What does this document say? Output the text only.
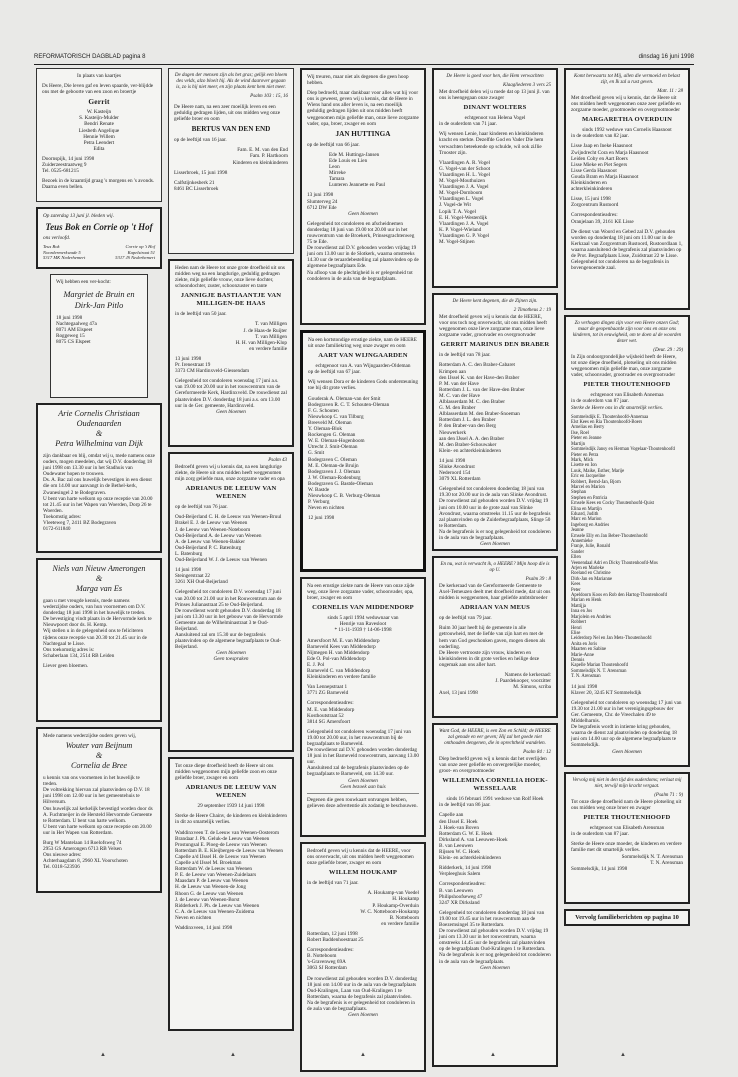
REFORMATORISCH DAGBLAD pagina 8	dinsdag 16 juni 1998
In plaats van kaartjes
Ds Heere, Die leven gaf en leven spaarde, ver-blijdde ons met de geboorte van een zoon en broertje
Gerrit
W. Kasteijn
S. Kasteijn-Mulder
Bendri Renate
Liesbeth Angelique
Hennie Willem
Petra Leendert
Edita
Doornspijk, 14 juni 1998
Zuiderzeestraatweg 9
Tel. 0525-681215
Bezoek in de kraamtijd graag 's morgens en 's avonds. Daarna even bellen.
Op zaterdag 13 juni jl. bleden wij.
Teus Bok en Corrie op 't Hof
ons verloofd.
Teus Bok
Noordermerkwade 5
5317 MK Nederhemert
Corrie op 't Hof
Kapelstraat 51
5317 JS Nederhemert
Wij hebben een ver-kocht:
Margriet de Bruin en Dirk-Jan Pitlo
18 juni 1998
Nachtegaalweg 47a
8071 AM Elspeet
Roggeweg 15
8075 CS Elspeet
Arie Cornelis Christiaan Oudenaarden
&
Petra Wilhelmina van Dijk
zijn dankbaar en blij, omdat wij u, mede namens onze ouders, mogen meedelen, dat wij D.V. donderdag 18 juni 1998 om 13.30 uur in het Stadhuis van Oudewater hopen te trouwen.
Ds. A. Bac zal ons huwelijk bevestigen in een dienst die om 14.00 uur aanvangt in de Bethel-kerk, Zwanesingel 2 te Bodegraven.
U bent van harte welkom op onze receptie van 20.00 tot 21.45 uur in het Wapen van Woerden, Dorp 26 te Woerden.
Toekomstig adres:
Vleeteweg 7, 2411 BZ Bodegraven
0172-611840
Niels van Nieuw Amerongen
&
Marga van Es
gaan u met vreugde kennis, mede namens wederzijdse ouders, van hun voornemen om D.V. donderdag 18 juni 1998 in het huwelijk te treden.
De bevestiging vindt plaats in de Hervormde kerk te Nieuwpoort door ds. H. Kemp.
Wij stellen u in de gelegenheid ons te feliciteren tijdens onze receptie van 20.30 tot 21.45 uur in de Nachtegaal te Lisse.
Ons toekomstig adres is:
Schaberlaan 134, 2514 RB Leiden
Liever geen bloemen.
Mede namens wederzijdse ouders geven wij,
Wouter van Beijnum
&
Cornelia de Bree
u kennis van ons voornemen in het huwelijk te treden.
De voltrekking hiervan zal plaatsvinden op D.V. 18 juni 1998 om 12.00 uur in het gemeentehuis te Hilversum.
Ons huwelijk zal kerkelijk bevestigd worden door ds A. Fuchtmeijer in de Hersteld Hervormde Gemeente te Rotterdam. U bent van harte welkom.
U bent van harte welkom op onze receptie om 20.00 uur in Het Wapen van Rotterdam.
Burg W Mantelaan 14 Roelofsweg 74
2953 GS Amerongen 6713 RB Velsen
Ons nieuwe adres:
Achterhaagdam 8, 2960 XL Voorschoten
Tel. 0318-523936
De dagen der mensen zijn als het gras; gelijk een bloem des velds, alzo bloeit hij. Als de wind daarover gegaan is, zo is hij niet meer, en zijn plaats kent hem niet meer.
Psalm 103 : 15, 16
De Heere nam, na een zeer moeilijk leven en een geduldig gedragen lijden, uit ons midden weg onze geliefde broer en oom
BERTUS VAN DEN END
op de leeftijd van 16 jaar.
Fam. E. M. van den End
Fam. P. Hartkoorn
Kinderen en kleinkinderen
Lisserbroek, 15 juni 1998
Calfstijnkesberk 21
8461 BC Lisserbroek
Heden nam de Heere tot onze grote droefheid uit ons midden weg na een langdurige, geduldig gedragen ziekte, mijn geliefde vrouw, onze lieve dochter, schoondochter, zuster, schoonzuster en tante
JANNIGJE BASTIAANTJE VAN MILLIGEN-DE HAAS
in de leeftijd van 50 jaar.
T. van Milligen
J. de Haas-de Ruijter
T. van Milligen
H. H. van Milligen-Klop
en verdere familie
13 juni 1998
Pr. Irenestraat 19
3373 CM Hardinxveld-Giessendam
Gelegenheid tot condoleren woensdag 17 juni a.s. van 19.00 tot 20.00 uur in het rouwcentrum van de Gereformeerde Kerk, Hardinxveld. De rouwdienst zal plaatsvinden D.V. donderdag 18 juni a.s. om 13.00 uur in de Ger. gemeente, Hardinxveld.
Geen bloemen
Psalm 43
Bedroefd geven wij u kennis dat, na een langdurige ziekte, de Heere uit ons midden heeft weggenomen mijn zorg geliefde man, onze zorgzame vader en opa
ADRIANUS DE LEEUW VAN WEENEN
op de leeftijd van 76 jaar.
Oud-Beijerland C. H. de Leeuw van Weenen-Bruul
Brakel E. J. de Leeuw van Weenen
J. de Leeuw van Weenen-Noteboom
Oud-Beijerland A. de Leeuw van Weenen
A. de Leeuw van Weenen-Bakker
Oud-Beijerland P. C. Batenburg
L. Batenburg
Oud-Beijerland W. J. de Leeuw van Weenen
14 juni 1998
Steingerstraat 22
3261 XH Oud-Beijerland
Gelegenheid tot condoleren D.V. woensdag 17 juni van 20.00 tot 21.00 uur in het Rouwcentrum aan de Prinses Julianastraat 25 te Oud-Beijerland.
De rouwdienst wordt gehouden D.V. donderdag 18 juni om 13.30 uur in het gebouw van de Hervormde Gemeente aan de Wilhelminastraat 3 te Oud-Beijerland.
Aansluitend zal om 15.30 uur de begrafenis plaatsvinden op de algemene begraafplaats te Oud-Beijerland.
Geen bloemen
Geen toespraken
Tot onze diepe droefheid heeft de Heere uit ons midden weggenomen mijn geliefde zoon en onze geliefde broer, zwager en oom
ADRIANUS DE LEEUW VAN WEENEN
29 september 1939 14 juni 1998
Sterke de Heere Chainv, de kinderen en kleinkinderen in dit zo smartelijk verlies.
Waddinxveen T. de Leeuw van Weenen-Oosterom
Brandaar J. Ph. Geluk-de Leeuw van Weenen
Prostungsal E. Ploeg-de Leeuw van Weenen
Rotterdam B. E. Kleijbergen-de Leeuw van Weenen
Capelle a/d IJssel H. de Leeuw van Weenen
Capelle a/d IJssel M. Broekman
Rotterdam W. de Leeuw van Weenen
P. E. de Leeuw van Weenen-Zuidelaars
Maasdam P. de Leeuw van Weenen
H. de Leeuw van Weenen-de Jong
Rhoon G. de Leeuw van Weenen
J. de Leeuw van Weenen-Borst
Ridderkerk J. Ph. de Leeuw van Weenen
C. A. de Leeuw van Weenen-Zuidema
Neven en nichten
Waddinxveen, 14 juni 1998
Wij treuren, maar niet als degenen die geen hoop hebben.
Diep bedroefd, maar dankbaar voor alles wat hij voor ons is geweest, geven wij u kennis, dat de Heere in Wiens hand ons aller leven is, na een moeilijk geduldig gedragen lijden uit ons midden heeft weggenomen mijn geliefde man, onze lieve zorgzame vader, opa, broer, zwager en oom
JAN HUTTINGA
op de leeftijd van 66 jaar.
Ede M. Huttinga-Jansen
Ede Louis en Lien
Leon
Mirreke
Tamara
Lunteren Jeannette en Paul
13 juni 1998
Slumterveg 24
6712 DW Ede
Geen bloemen
Gelegenheid tot condoleren en afscheidnemen donderdag 18 juni van 19.00 tot 20.00 uur in het rouwcentrum van de Broekerk, Prinsesgrachtenweg 75 te Ede.
De rouwdienst zal D.V. gehouden worden vrijdag 19 juni om 13.00 uur in de Slotkerk, waarna omstreeks 14.30 uur de teraardebestelling zal plaatsvinden op de algemene begraafplaats Ede.
Na afloop van de plechtigheid is er gelegenheid tot condoleren in de aula van de begraafplaats.
Na een kortstondige ernstige ziekte, nam de HEERE uit onze familiekring weg onze zwager en oom
AART VAN WIJNGAARDEN
echtgenoot van A. van Wijngaarden-Oldeman
op de leeftijd van 67 jaar.
Wij wensen Dora er de kinderen Gods ondersteuning toe bij dit grote verlies.
Gouderak A. Oleman-van der Smit
Bodegraven R. C. T. Schouten-Oleman
F. G. Schouten
Nieuwkoop C. van Tilburg
Breeveld M. Oleman
Y. Oleman-Blok
Rockengen G. Oleman
W. E. Oleman-Hogenboom
Utrecht J. Smit-Oleman
G. Smit
Bodegraven C. Oleman
M. E. Oleman-de Bruijn
Bodegraven J. J. Oleman
J. W. Oleman-Rodenburg
Bodegraven G. Bastde-Oleman
W. Bastde
Nieuwkoop C. B. Verburg-Oleman
P. Verburg
Neven en nichten
12 juni 1998
Na een ernstige ziekte nam de Heere van onze zijde weg, onze lieve zorgzame vader, schoonvader, opa, broer, zwager en oom
CORNELIS VAN MIDDENDORP
sinds 5 april 1994 weduwnaar van
Henrije van Ravesloot
* 11-11-1939 † 14-06-1998
Amersfoort M. E. van Middendorp
Barneveld Kees van Middendorp
Nijmegen H. van Middendorp
Ede O. Pol-van Middendorp
E. J. Pol
Barneveld C. van Middendorp
Kleinkinderen en verdere familie
Van Lennepstraat 1
3771 ZG Barneveld
Correspondentieadres:
M. E. van Middendorp
Kosthoutstraat 52
3814 SG Amersfoort
Gelegenheid tot condoleren woensdag 17 juni van 19.00 tot 20.00 uur, in het rouwcentrum bij de begraafplaats te Barneveld.
De rouwdienst zal D.V. gehouden worden donderdag 18 juni in het Barneveld rouwcentrum, aanvang 13.00 uur.
Aansluitend zal de begrafenis plaatsvinden op de begraafplaats te Barneveld, om 14.30 uur.
Geen bloemen
Geen bezoek aan huis
Degenen die geen rouwkaart ontvangen hebben, gelieven deze advertentie als zodanig te beschouwen.
Bedroefd geven wij u kennis dat de HEERE, voor ons onverwacht, uit ons midden heeft weggenomen onze geliefde broer, zwager en oom
WILLEM HOUKAMP
in de leeftijd van 71 jaar.
A. Houkamp-van Voedel
H. Houkamp
P. Houkamp-Overduin
W. C. Notteboom-Houkamp
B. Notteboom
en verdere familie
Rotterdam, 12 juni 1998
Robert Baddenhoestraat 25
Correspondentieadres:
B. Notteboom
's-Gravenweg 69A
3063 SJ Rotterdam
De rouwdienst zal gehouden worden D.V. donderdag 18 juni om 14.00 uur in de aula van de begraafplaats Oud-Kralingen, Laan van Oud-Kralingen 1 te Rotterdam, waarna de begrafenis zal plaatsvinden.
Na de begrafenis is er gelegenheid tot condoleren in de aula van de begraafplaats.
Geen bloemen
De Heere is goed voor hen, die Hem verwachten
Klaagliederen 3 vers 25
Met droefheid delen wij u mede dat op 13 juni jl. van ons is heengegaan onze zwager
DINANT WOLTERS
echtgenoot van Helena Vogel
in de ouderdom van 71 jaar.
Wij wensen Lenie, haar kinderen en kleinkinderen kracht en sterkte. Dezelfde God en Vader Die hem verwachten beteekende op schulde, wil ook ziJlie Trooster zijn.
Vlaardingen A. R. Vogel
G. Vogel-van der Schoot
Vlaardingen H. L. Vogel
M. Vogel-Mouthuizen
Vlaardingen J. A. Vogel
M. Vogel-Dornboom
Vlaardingen L. Vogel
J. Vogel-de Wit
Lopik T. A. Vogel
E. H. Vogel-Westerdijk
Vlaardingen J. A. Vogel
K. P. Vogel-Wieland
Vlaardingen G. P. Vogel
M. Vogel-Stijnen
De Heere kent degenen, die de Zijnen zijn.
2 Timotheus 2 : 19
Met droefheid geven wij u kennis dat de HEERE, voor ons toch nog onverwacht, uit ons midden heeft weggenomen onze lieve zorgzame man, onze lieve zorgzame vader, grootvader en overgrootvader
GERRIT MARINUS DEN BRABER
in de leeftijd van 78 jaar.
Rotterdam A. C. den Braber-Cabaret
Krimpen aan
den IJssel K. van der Have-den Braber
P. M. van der Have
Rotterdam J. L. van der Have-den Braber
M. C. van der Have
Alblasserdam M. C. den Braber
G. M. den Braber
Alblasserdam M. den Braber-Snoeman
Rotterdam J. L. den Braber
P. den Braber-van den Berg
Nieuwerkerk
aan den IJssel A. A. den Braber
M. den Braber-Schouwaker
Klein- en achterkleinkinderen
14 juni 1998
Slinke Avondrust
Nederoord 154
3079 XL Rotterdam
Gelegenheid tot condoleren donderdag 18 juni van 19.30 tot 20.00 uur in de aula van Slinke Avondrust.
De rouwdienst zal gehouden worden D.V. vrijdag 19 juni om 10.00 uur in de grote zaal van Slinke Avondrust, waarna omstreeks 11.15 uur de begrafenis zal plaatsvinden op de Zuiderbegraafplaats, Slinge 50 te Rotterdam.
Na de begrafenis is er nog gelegenheid tot condoleren in de aula van de begraafplaats.
Geen bloemen
En nu, wat is verwacht ik, o HEERE? Mijn hoop die is op U.
Psalm 39 : 8
De kerkeraad van de Gereformeerde Gemeente te Axel-Temeuzen deelt met droefheid mede, dat uit ons midden is weggenomen, haar geliefde ambtsbroeder
ADRIAAN VAN MEUS
op de leeftijd van 79 jaar.
Ruim 30 jaar heeft hij de gemeente in alle getrouwheid, met de liefde van zijn hart en met de hem van God geschonken gaven, mogen dienen als ouderling.
De Heere vertrooste zijn vrouw, kinderen en kleinkinderen in dit grote verlies en heilige deze ongemak aan ons aller hart.
Namens de kerkeraad:
J. Paardekooper, voorzitter
M. Simons, scriba
Axel, 13 juni 1998
Want God, de HEERE, is een Zon en Schild; de HEERE zal genade en eer geven; Hij zal het goede niet onthouden dengenen, die in oprechtheid wandelen.
Psalm 84 : 12
Diep bedroefd geven wij u kennis dat het overlijden van onze zeer geliefde en onvergetelijke moeder, groot- en overgrootmoeder
WILLEMINA CORNELIA HOEK-WESSELAAR
sinds 16 februari 1991 weduwe van Rolf Hoek
in de leeftijd van 86 jaar.
Capelle aan
den IJssel E. Hoek
J. Hoek-van Boven
Rotterdam G. W. E. Hoek
Dirksland A. van Leeuwen-Hoek
B. van Leeuwen
Rijssen W. C. Hoek
Klein- en achterkleinkinderen
Ridderkerk, 14 juni 1998
Verpleeghuis Salem
Correspondentieadres:
B. van Leeuwen
Philipshoofseweg 47
3247 XR Dirksland
Gelegenheid tot condoleren donderdag 18 juni van 19.00 tot 19.45 uur in het rouwcentrum aan de Boezemsingel 35 te Rotterdam.
De rouwdienst zal gehouden worden D.V. vrijdag 19 juni om 13.30 uur in het rouwcentrum, waarna omstreeks 14.45 uur de begrafenis zal plaatsvinden op de begraafplaats Oud-Kralingen 1 te Rotterdam.
Na de begrafenis is er nog gelegenheid tot condoleren in de aula van de begraafplaats.
Geen bloemen
Komt herwaarts tot Mij, allen die vermoeid en belast zijt, en Ik zal u rust geven.
Matt. 11 : 28
Met droefheid geven wij u kennis, dat de Heere uit ons midden heeft weggenomen onze zeer geliefde en zorgzame moeder, grootmoeder en overgrootmoeder
MARGARETHA OVERDUIN
sinds 1992 weduwe van Cornelis Haasnoot
in de ouderdom van 82 jaar.
Lisse Jaap en Ineke Haasnoot
Zwijndrecht Cora en Marja Haasnoot
Leiden Coby en Aart Boers
Lisse Mieke en Piet Segers
Lisse Gerda Haasnoot
Gouda Bram en Marja Haasnoot
Kleinkinderen en
achterkleinkinderen
Lisse, 15 juni 1998
Zorgcentrum Rustoord
Correspondentieadres:
Oranjelaan 39, 2161 KE Lisse
De dienst van Woord en Gebed zal D.V. gehouden worden op donderdag 18 juni om 11.00 uur in de Kerkzaal van Zorgcentrum Rustoord, Rustoordlaan 1, waarna aansluitend de begrafenis zal plaatsvinden op de Prot. Begraafplaats Lisse, Zuidstraat 22 te Lisse.
Gelegenheid tot condoleren na de begrafenis in bovengenoemde zaal.
Zo verhogen dingen zijn voor een Heere onzen God; maar de geopenbaarde zijn voor ons en onze ons kinderen, tot in eeuwigheid, om te doen al de woorden dezer wet.
(Deut. 29 : 29)
In Zijn ondoorgrondelijke wijsheid heeft de Heere, tot onze diepe droefheid, plotseling uit ons midden weggenomen mijn geliefde man, onze zorgzame vader, schoonvader, grootvader en overgrootvader
PIETER THOUTENHOOFD
echtgenoot van Elisabeth Annemaa
in de ouderdom van 87 jaar.
Sterke de Heere ons in dit smartelijk verlies.
Sommelsdijk E. Thoutenhoofd-Annemaa
Elst Kees en Ria Thoutenhoofd-Boers
Arnelias en Berry
Ilse, Roel
Pieter en Jeanne
Martijn
Sommelsdijk Jansy en Herman Vogelaar-Thoutenhoofd
Pieter en Petra
Mark, Mick
Lisette en Ion
Luuk, Maike, Esther, Marije
Eric en Jacqueline
Robbert, Bernd-Jan, Bjorn
Marcel en Marion
Stephan
Stephen en Patricia
Ernsele Kees en Cocky Thoutenhoofd-Quist
Elina en Martijn
Eduard, Judith
Marc en Marion
Ingeborg en Andries
Jeanne
Ernsele Elly en Jan Beber-Thoutenhoofd
Annemieke
Franje, Julie, Ronald
Sander
Ellen
Veenendaal Adri en Dicky Thoutenhoofd-Mos
Arjen en Marieke
Roeland en Christine
Dirk-Jan en Marianne
Kees
Peter
Apeldoorn Koos en Rob den Hartog-Thoutenhoofd
Marian en Henk
Mattijja
Inna en Jos
Marjolein en Andries
Robbert
Henri
Elise
Leiderdorp Nel en Jan Mets-Thoutenhoofd
Anita en Joris
Maarten en Sabine
Marie-Anne
Dennis
Kapelle Marian Thoutenhoofd
Sommelsdijk N. T. Arensman
T. N. Arensman
14 juni 1998
Klaver 20, 3245 KT Sommelsdijk
Gelegenheid tot condoleren op woensdag 17 juni van 19.30 tot 21.00 uur in het verenigingsgebouw der Ger. Gemeente, Chr. de Vreechalen 49 te Middelharnis.
De begrafenis wordt in intieme kring gehouden, waarna de dienst zal plaatsvinden op donderdag 18 juni om 14.00 uur op de algemene begraafplaats te Sommelsdijk.
Geen bloemen
Vervolg mij niet in den tijd des ouderdoms; verlaat mij niet, terwijl mijn kracht vergaat.
(Psalm 71 : 9)
Tot onze diepe droefheid nam de Heere plotseling uit ons midden weg onze broer en zwager
PIETER THOUTENHOOFD
echtgenoot van Elisabeth Arensman
in de ouderdom van 87 jaar.
Sterke de Heere onze moeder, de kinderen en verdere familie met dit smartelijk verlies.
Sommelsdijk N. T. Arensman
T. N. Arensman
Sommelsdijk, 14 juni 1998
Vervolg familieberichten op pagina 10
▲	▲	▲	▲	▲
